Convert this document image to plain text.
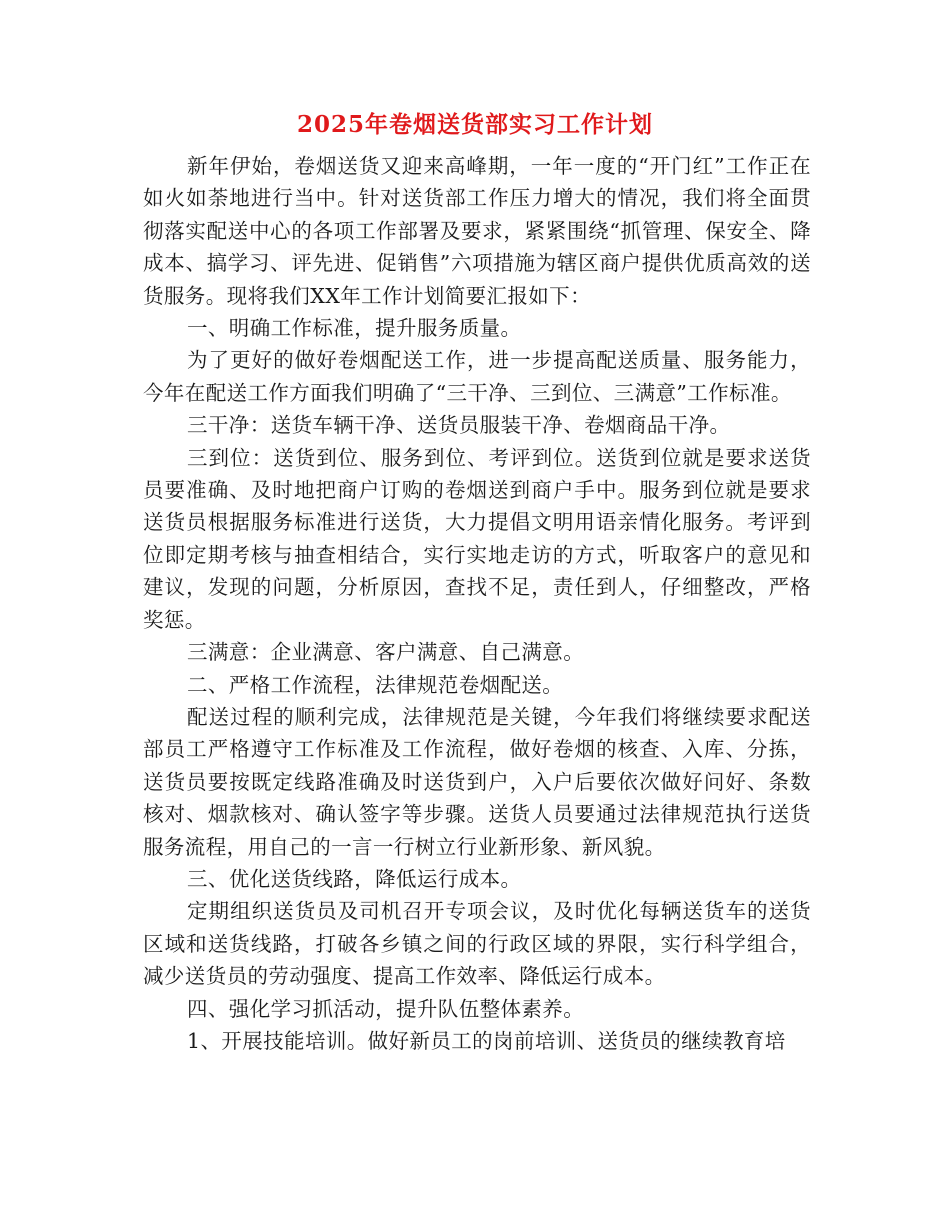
2025年卷烟送货部实习工作计划

新年伊始，卷烟送货又迎来高峰期，一年一度的“开门红”工作正在如火如荼地进行当中。针对送货部工作压力增大的情况，我们将全面贯彻落实配送中心的各项工作部署及要求，紧紧围绕“抓管理、保安全、降成本、搞学习、评先进、促销售”六项措施为辖区商户提供优质高效的送货服务。现将我们XX年工作计划简要汇报如下：

一、明确工作标准，提升服务质量。

为了更好的做好卷烟配送工作，进一步提高配送质量、服务能力，今年在配送工作方面我们明确了“三干净、三到位、三满意”工作标准。

三干净：送货车辆干净、送货员服装干净、卷烟商品干净。

三到位：送货到位、服务到位、考评到位。送货到位就是要求送货员要准确、及时地把商户订购的卷烟送到商户手中。服务到位就是要求送货员根据服务标准进行送货，大力提倡文明用语亲情化服务。考评到位即定期考核与抽查相结合，实行实地走访的方式，听取客户的意见和建议，发现的问题，分析原因，查找不足，责任到人，仔细整改，严格奖惩。

三满意：企业满意、客户满意、自己满意。

二、严格工作流程，法律规范卷烟配送。

配送过程的顺利完成，法律规范是关键，今年我们将继续要求配送部员工严格遵守工作标准及工作流程，做好卷烟的核查、入库、分拣，送货员要按既定线路准确及时送货到户，入户后要依次做好问好、条数核对、烟款核对、确认签字等步骤。送货人员要通过法律规范执行送货服务流程，用自己的一言一行树立行业新形象、新风貌。

三、优化送货线路，降低运行成本。

定期组织送货员及司机召开专项会议，及时优化每辆送货车的送货区域和送货线路，打破各乡镇之间的行政区域的界限，实行科学组合，减少送货员的劳动强度、提高工作效率、降低运行成本。

四、强化学习抓活动，提升队伍整体素养。

1、开展技能培训。做好新员工的岗前培训、送货员的继续教育培
